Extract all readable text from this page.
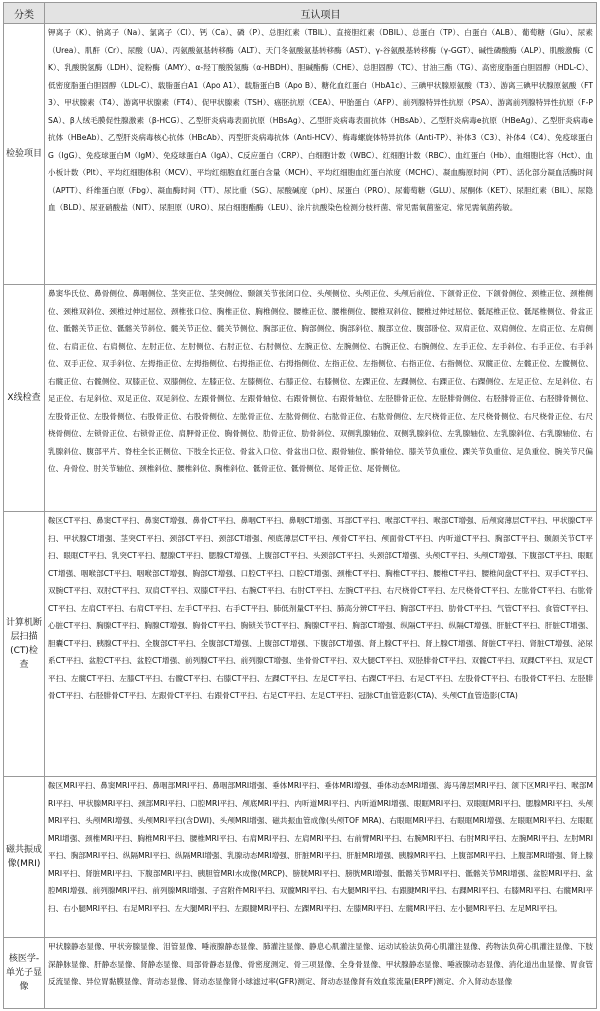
分类	互认项目
检验项目	钾离子（K）、钠离子（Na）、氯离子（Cl）、钙（Ca）、磷（P）、总胆红素（TBIL）、直接胆红素（DBIL）、总蛋白（TP）、白蛋白（ALB）、葡萄糖（Glu）、尿素（Urea）、肌酐（Cr）、尿酸（UA）、丙氨酸氨基转移酶（ALT）、天门冬氨酸氨基转移酶（AST）、γ-谷氨酰基转移酶（γ-GGT）、碱性磷酸酶（ALP）、肌酸激酶（CK）、乳酸脱氢酶（LDH）、淀粉酶（AMY）、α-羟丁酸脱氢酶（α-HBDH）、胆碱酯酶（CHE）、总胆固醇（TC）、甘油三酯（TG）、高密度脂蛋白胆固醇（HDL-C）、低密度脂蛋白胆固醇（LDL-C）、载脂蛋白A1（Apo A1）、载脂蛋白B（Apo B）、糖化血红蛋白（HbA1c）、三碘甲状腺原氨酸（T3）、游离三碘甲状腺原氨酸（FT3）、甲状腺素（T4）、游离甲状腺素（FT4）、促甲状腺素（TSH）、癌胚抗原（CEA）、甲胎蛋白（AFP）、前列腺特异性抗原（PSA）、游离前列腺特异性抗原（F-PSA）、β人绒毛膜促性腺激素（β-HCG）、乙型肝炎病毒表面抗原（HBsAg）、乙型肝炎病毒表面抗体（HBsAb）、乙型肝炎病毒e抗原（HBeAg）、乙型肝炎病毒e抗体（HBeAb）、乙型肝炎病毒核心抗体（HBcAb）、丙型肝炎病毒抗体（Anti-HCV）、梅毒螺旋体特异抗体（Anti-TP）、补体3（C3）、补体4（C4）、免疫球蛋白G（IgG）、免疫球蛋白M（IgM）、免疫球蛋白A（IgA）、C反应蛋白（CRP）、白细胞计数（WBC）、红细胞计数（RBC）、血红蛋白（Hb）、血细胞比容（Hct）、血小板计数（Plt）、平均红细胞体积（MCV）、平均红细胞血红蛋白含量（MCH）、平均红细胞血红蛋白浓度（MCHC）、凝血酶原时间（PT）、活化部分凝血活酶时间（APTT）、纤维蛋白原（Fbg）、凝血酶时间（TT）、尿比重（SG）、尿酸碱度（pH）、尿蛋白（PRO）、尿葡萄糖（GLU）、尿酮体（KET）、尿胆红素（BIL）、尿隐血（BLD）、尿亚硝酸盐（NIT）、尿胆原（URO）、尿白细胞酯酶（LEU）、涂片抗酸染色检测分枝杆菌、常见需氧菌鉴定、常见需氧菌药敏。

X线检查	鼻窦华氏位、鼻骨侧位、鼻咽侧位、茎突正位、茎突侧位、颞颌关节张闭口位、头颅侧位、头颅正位、头颅后前位、下颌骨正位、下颌骨侧位、颈椎正位、颈椎侧位、颈椎双斜位、颈椎过伸过屈位、颈椎张口位、胸椎正位、胸椎侧位、腰椎正位、腰椎侧位、腰椎双斜位、腰椎过伸过屈位、骶尾椎正位、骶尾椎侧位、骨盆正位、骶髂关节正位、骶髂关节斜位、髋关节正位、髋关节侧位、胸部正位、胸部侧位、胸部斜位、腹部立位、腹部卧位、双肩正位、双肩侧位、左肩正位、左肩侧位、右肩正位、右肩侧位、左肘正位、左肘侧位、右肘正位、右肘侧位、左腕正位、左腕侧位、右腕正位、右腕侧位、左手正位、左手斜位、右手正位、右手斜位、双手正位、双手斜位、左拇指正位、左拇指侧位、右拇指正位、右拇指侧位、左指正位、左指侧位、右指正位、右指侧位、双髋正位、左髋正位、左髋侧位、右髋正位、右髋侧位、双膝正位、双膝侧位、左膝正位、左膝侧位、右膝正位、右膝侧位、左踝正位、左踝侧位、右踝正位、右踝侧位、左足正位、左足斜位、右足正位、右足斜位、双足正位、双足斜位、左跟骨侧位、左跟骨轴位、右跟骨侧位、右跟骨轴位、左胫腓骨正位、左胫腓骨侧位、右胫腓骨正位、右胫腓骨侧位、左股骨正位、左股骨侧位、右股骨正位、右股骨侧位、左肱骨正位、左肱骨侧位、右肱骨正位、右肱骨侧位、左尺桡骨正位、左尺桡骨侧位、右尺桡骨正位、右尺桡骨侧位、左锁骨正位、右锁骨正位、肩胛骨正位、胸骨侧位、肋骨正位、肋骨斜位、双侧乳腺轴位、双侧乳腺斜位、左乳腺轴位、左乳腺斜位、右乳腺轴位、右乳腺斜位、腹部平片、脊柱全长正侧位、下肢全长正位、骨盆入口位、骨盆出口位、跟骨轴位、髌骨轴位、膝关节负重位、踝关节负重位、足负重位、腕关节尺偏位、舟骨位、肘关节轴位、颈椎斜位、腰椎斜位、胸椎斜位、骶骨正位、骶骨侧位、尾骨正位、尾骨侧位。

计算机断层扫描(CT)检查	鞍区CT平扫、鼻窦CT平扫、鼻窦CT增强、鼻骨CT平扫、鼻咽CT平扫、鼻咽CT增强、耳部CT平扫、喉部CT平扫、喉部CT增强、后颅窝薄层CT平扫、甲状腺CT平扫、甲状腺CT增强、茎突CT平扫、颈部CT平扫、颈部CT增强、颅底薄层CT平扫、颅骨CT平扫、颅面骨CT平扫、内听道CT平扫、胸部CT平扫、颞颌关节CT平扫、眼眶CT平扫、乳突CT平扫、腮腺CT平扫、腮腺CT增强、上腹部CT平扫、头颈部CT平扫、头颈部CT增强、头颅CT平扫、头颅CT增强、下腹部CT平扫、眼眶CT增强、咽喉部CT平扫、咽喉部CT增强、胸部CT增强、口腔CT平扫、口腔CT增强、颈椎CT平扫、胸椎CT平扫、腰椎CT平扫、腰椎间盘CT平扫、双手CT平扫、双腕CT平扫、双肘CT平扫、双肩CT平扫、双膝CT平扫、右腕CT平扫、右肘CT平扫、左腕CT平扫、右尺桡骨CT平扫、左尺桡骨CT平扫、左肱骨CT平扫、右肱骨CT平扫、左肩CT平扫、右肩CT平扫、左手CT平扫、右手CT平扫、肺低剂量CT平扫、肺高分辨CT平扫、胸部CT平扫、肋骨CT平扫、气管CT平扫、食管CT平扫、心脏CT平扫、胸腺CT平扫、胸腺CT增强、胸骨CT平扫、胸锁关节CT平扫、胸腺CT平扫、胸部CT增强、纵隔CT平扫、纵隔CT增强、肝脏CT平扫、肝脏CT增强、胆囊CT平扫、胰腺CT平扫、全腹部CT平扫、全腹部CT增强、上腹部CT增强、下腹部CT增强、肾上腺CT平扫、肾上腺CT增强、肾脏CT平扫、肾脏CT增强、泌尿系CT平扫、盆腔CT平扫、盆腔CT增强、前列腺CT平扫、前列腺CT增强、坐骨骨CT平扫、双大腿CT平扫、双胫腓骨CT平扫、双髋CT平扫、双踝CT平扫、双足CT平扫、左髋CT平扫、左膝CT平扫、右髋CT平扫、右膝CT平扫、左踝CT平扫、左足CT平扫、右踝CT平扫、右足CT平扫、左股骨CT平扫、右股骨CT平扫、左胫腓骨CT平扫、右胫腓骨CT平扫、左跟骨CT平扫、右跟骨CT平扫、右足CT平扫、左足CT平扫、冠脉CT血管造影(CTA)、头颅CT血管造影(CTA)

磁共振成像(MRI)	鞍区MRI平扫、鼻窦MRI平扫、鼻咽部MRI平扫、鼻咽部MRI增强、垂体MRI平扫、垂体MRI增强、垂体动态MRI增强、海马薄层MRI平扫、颌下区MRI平扫、喉部MRI平扫、甲状腺MRI平扫、颈部MRI平扫、口腔MRI平扫、颅底MRI平扫、内听道MRI平扫、内听道MRI增强、眼眶MRI平扫、双眼眶MRI平扫、腮腺MRI平扫、头颅MRI平扫、头颅MRI增强、头颅MRI平扫(含DWI)、头颅MRI增强、磁共振血管成像(头颅TOF MRA)、右眼眶MRI平扫、右眼眶MRI增强、左眼眶MRI平扫、左眼眶MRI增强、颈椎MRI平扫、胸椎MRI平扫、腰椎MRI平扫、右肩MRI平扫、左肩MRI平扫、右前臂MRI平扫、右腕MRI平扫、右肘MRI平扫、左腕MRI平扫、左肘MRI平扫、胸部MRI平扫、纵隔MRI平扫、纵隔MRI增强、乳腺动态MRI增强、肝脏MRI平扫、肝脏MRI增强、胰腺MRI平扫、上腹部MRI平扫、上腹部MRI增强、肾上腺MRI平扫、肾脏MRI平扫、下腹部MRI平扫、胰胆管MRI水成像(MRCP)、膀胱MRI平扫、膀胱MRI增强、骶髂关节MRI平扫、骶髂关节MRI增强、盆腔MRI平扫、盆腔MRI增强、前列腺MRI平扫、前列腺MRI增强、子宫附件MRI平扫、双髋MRI平扫、右大腿MRI平扫、右跟腱MRI平扫、右踝MRI平扫、右膝MRI平扫、右髋MRI平扫、右小腿MRI平扫、右足MRI平扫、左大腿MRI平扫、左跟腱MRI平扫、左踝MRI平扫、左膝MRI平扫、左髋MRI平扫、左小腿MRI平扫、左足MRI平扫。

核医学-单光子显像	甲状腺静态显像、甲状旁腺显像、泪管显像、唾液腺静态显像、肺灌注显像、静息心肌灌注显像、运动试验法负荷心肌灌注显像、药物法负荷心肌灌注显像、下肢深静脉显像、肝静态显像、肾静态显像、局部骨静态显像、骨密度测定、骨三项显像、全身骨显像、甲状腺静态显像、唾液腺动态显像、消化道出血显像、胃食管反流显像、异位胃黏膜显像、肾动态显像、肾动态显像肾小球滤过率(GFR)测定、肾动态显像肾有效血浆流量(ERPF)测定、介入肾动态显像
